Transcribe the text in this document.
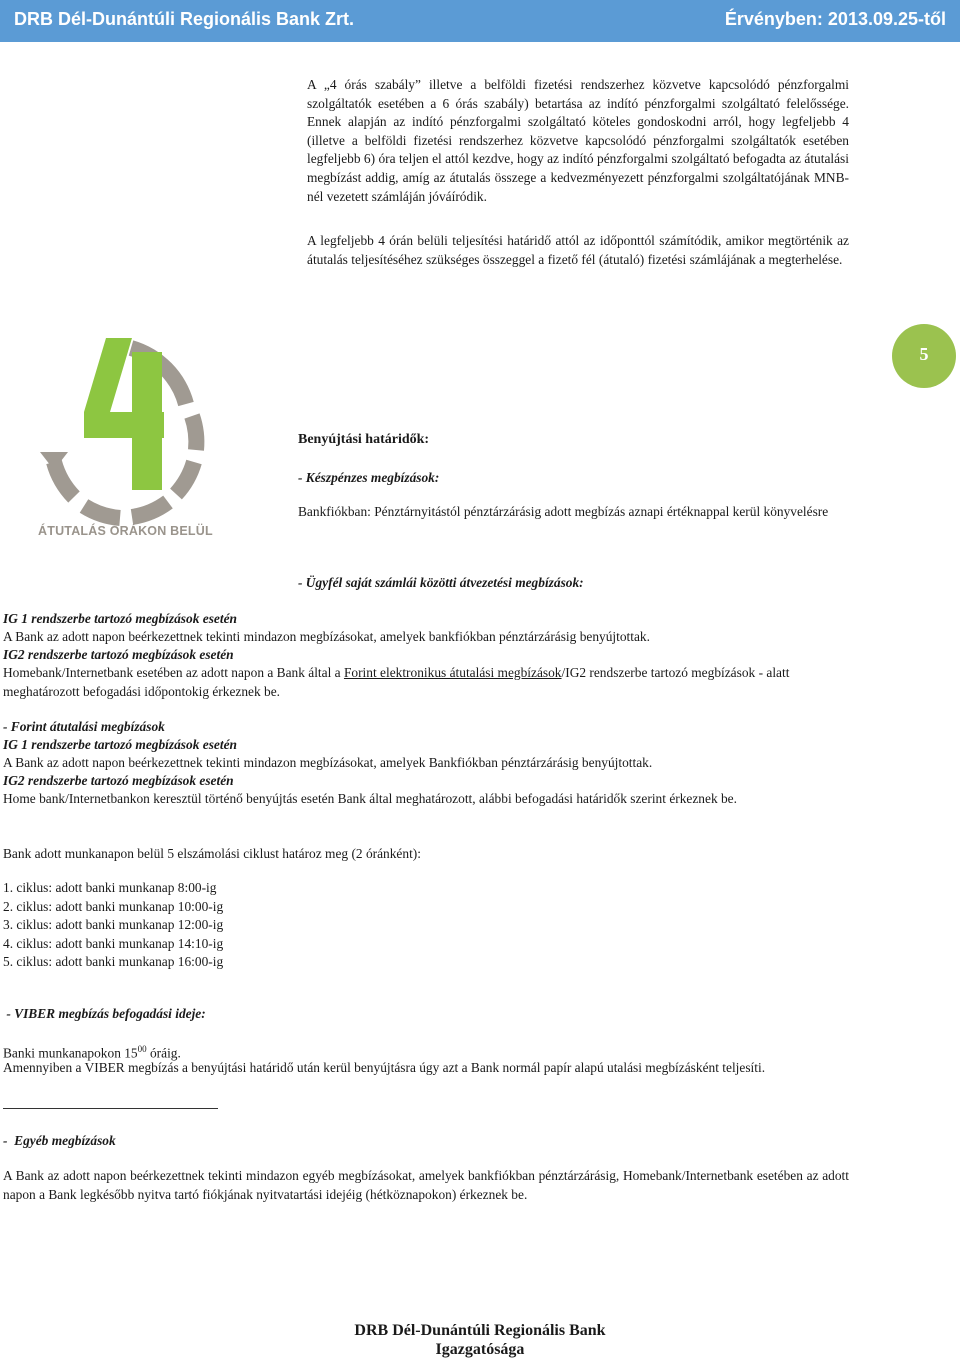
DRB Dél-Dunántúli Regionális Bank Zrt.	Érvényben: 2013.09.25-től
A „4 órás szabály” illetve a belföldi fizetési rendszerhez közvetve kapcsolódó pénzforgalmi szolgáltatók esetében a 6 órás szabály) betartása az indító pénzforgalmi szolgáltató felelőssége. Ennek alapján az indító pénzforgalmi szolgáltató köteles gondoskodni arról, hogy legfeljebb 4 (illetve a belföldi fizetési rendszerhez közvetve kapcsolódó pénzforgalmi szolgáltatók esetében legfeljebb 6) óra teljen el attól kezdve, hogy az indító pénzforgalmi szolgáltató befogadta az átutalási megbízást addig, amíg az átutalás összege a kedvezményezett pénzforgalmi szolgáltatójának MNB-nél vezetett számláján jóváíródik.
A legfeljebb 4 órán belüli teljesítési határidő attól az időponttól számítódik, amikor megtörténik az átutalás teljesítéséhez szükséges összeggel a fizető fél (átutaló) fizetési számlájának a megterhelése.
ÁTUTALÁS ÓRÁKON BELÜL
5
Benyújtási határidők:
- Készpénzes megbízások:
Bankfiókban: Pénztárnyitástól pénztárzárásig adott megbízás aznapi értéknappal kerül könyvelésre
- Ügyfél saját számlái közötti átvezetési megbízások:
IG 1 rendszerbe tartozó megbízások esetén
A Bank az adott napon beérkezettnek tekinti mindazon megbízásokat, amelyek bankfiókban pénztárzárásig benyújtottak.
IG2 rendszerbe tartozó megbízások esetén
Homebank/Internetbank esetében az adott napon a Bank által a Forint elektronikus átutalási megbízások/IG2 rendszerbe tartozó megbízások - alatt meghatározott befogadási időpontokig érkeznek be.
- Forint átutalási megbízások
IG 1 rendszerbe tartozó megbízások esetén
A Bank az adott napon beérkezettnek tekinti mindazon megbízásokat, amelyek Bankfiókban pénztárzárásig benyújtottak.
IG2 rendszerbe tartozó megbízások esetén
Home bank/Internetbankon keresztül történő benyújtás esetén Bank által meghatározott, alábbi befogadási határidők szerint érkeznek be.
Bank adott munkanapon belül 5 elszámolási ciklust határoz meg (2 óránként):
1. ciklus: adott banki munkanap 8:00-ig
2. ciklus: adott banki munkanap 10:00-ig
3. ciklus: adott banki munkanap 12:00-ig
4. ciklus: adott banki munkanap 14:10-ig
5. ciklus: adott banki munkanap 16:00-ig
- VIBER megbízás befogadási ideje:
Banki munkanapokon $15^{00}$ óráig.
Amennyiben a VIBER megbízás a benyújtási határidő után kerül benyújtásra úgy azt a Bank normál papír alapú utalási megbízásként teljesíti.
-  Egyéb megbízások
A Bank az adott napon beérkezettnek tekinti mindazon egyéb megbízásokat, amelyek bankfiókban pénztárzárásig, Homebank/Internetbank esetében az adott napon a Bank legkésőbb nyitva tartó fiókjának nyitvatartási idejéig (hétköznapokon) érkeznek be.
DRB Dél-Dunántúli Regionális Bank
Igazgatósága
